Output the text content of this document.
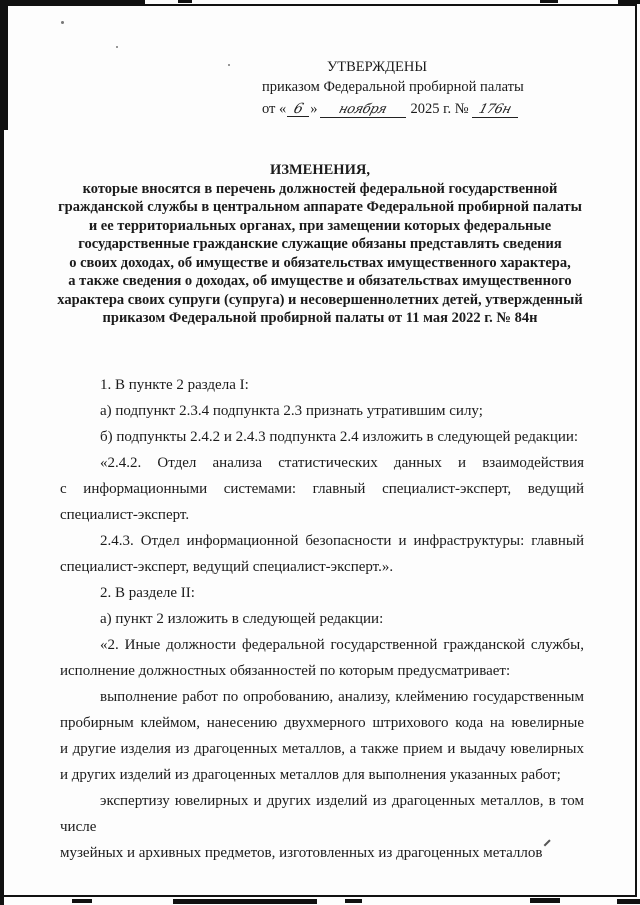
УТВЕРЖДЕНЫ
приказом Федеральной пробирной палаты
от « 6 » ноября 2025 г. № 176н
ИЗМЕНЕНИЯ,
которые вносятся в перечень должностей федеральной государственной
гражданской службы в центральном аппарате Федеральной пробирной палаты
и ее территориальных органах, при замещении которых федеральные
государственные гражданские служащие обязаны представлять сведения
о своих доходах, об имуществе и обязательствах имущественного характера,
а также сведения о доходах, об имуществе и обязательствах имущественного
характера своих супруги (супруга) и несовершеннолетних детей, утвержденный
приказом Федеральной пробирной палаты от 11 мая 2022 г. № 84н
1. В пункте 2 раздела I:
а) подпункт 2.3.4 подпункта 2.3 признать утратившим силу;
б) подпункты 2.4.2 и 2.4.3 подпункта 2.4 изложить в следующей редакции:
«2.4.2. Отдел анализа статистических данных и взаимодействия
с информационными системами: главный специалист-эксперт, ведущий
специалист-эксперт.
2.4.3. Отдел информационной безопасности и инфраструктуры: главный
специалист-эксперт, ведущий специалист-эксперт.».
2. В разделе II:
а) пункт 2 изложить в следующей редакции:
«2. Иные должности федеральной государственной гражданской службы,
исполнение должностных обязанностей по которым предусматривает:
выполнение работ по опробованию, анализу, клеймению государственным
пробирным клеймом, нанесению двухмерного штрихового кода на ювелирные
и другие изделия из драгоценных металлов, а также прием и выдачу ювелирных
и других изделий из драгоценных металлов для выполнения указанных работ;
экспертизу ювелирных и других изделий из драгоценных металлов, в том числе
музейных и архивных предметов, изготовленных из драгоценных металлов
